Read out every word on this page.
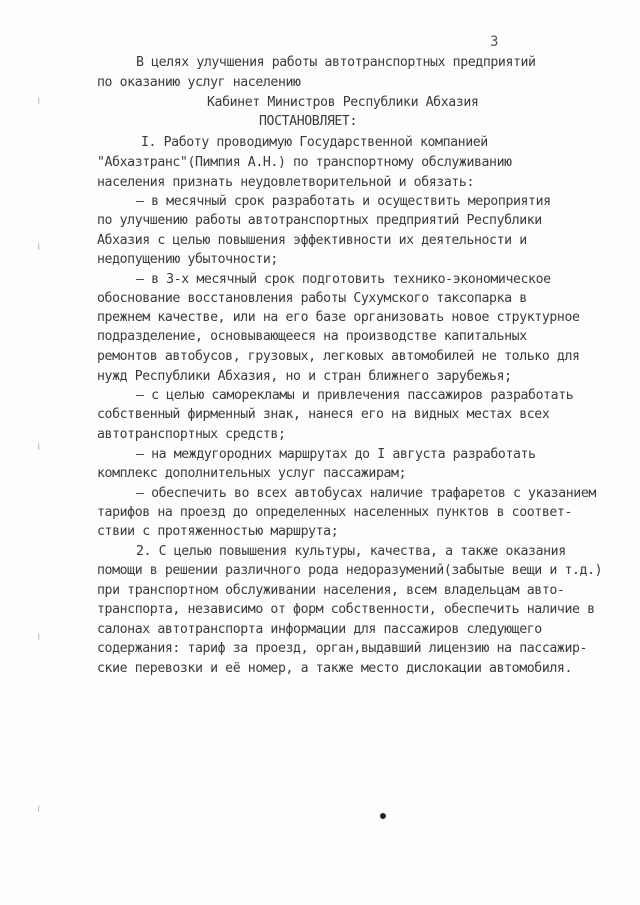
3
~
~
~
~
~
В целях улучшения работы автотранспортных предприятий
по оказанию услуг населению
Кабинет Министров Республики Абхазия
ПОСТАНОВЛЯЕТ:
I. Работу проводимую Государственной компанией
"Абхазтранс"(Пимпия А.Н.) по транспортному обслуживанию
населения признать неудовлетворительной и обязать:
– в месячный срок разработать и осуществить мероприятия
по улучшению работы автотранспортных предприятий Республики
Абхазия с целью повышения эффективности их деятельности и
недопущению убыточности;
– в 3-х месячный срок подготовить технико-экономическое
обоснование восстановления работы Сухумского таксопарка в
прежнем качестве, или на его базе организовать новое структурное
подразделение, основывающееся на производстве капитальных
ремонтов автобусов, грузовых, легковых автомобилей не только для
нужд Республики Абхазия, но и стран ближнего зарубежья;
– с целью саморекламы и привлечения пассажиров разработать
собственный фирменный знак, нанеся его на видных местах всех
автотранспортных средств;
– на междугородних маршрутах до I августа разработать
комплекс дополнительных услуг пассажирам;
– обеспечить во всех автобусах наличие трафаретов с указанием
тарифов на проезд до определенных населенных пунктов в соответ-
ствии с протяженностью маршрута;
2. С целью повышения культуры, качества, а также оказания
помощи в решении различного рода недоразумений(забытые вещи и т.д.)
при транспортном обслуживании населения, всем владельцам авто-
транспорта, независимо от форм собственности, обеспечить наличие в
салонах автотранспорта информации для пассажиров следующего
содержания: тариф за проезд, орган,выдавший лицензию на пассажир-
ские перевозки и её номер, а также место дислокации автомобиля.
